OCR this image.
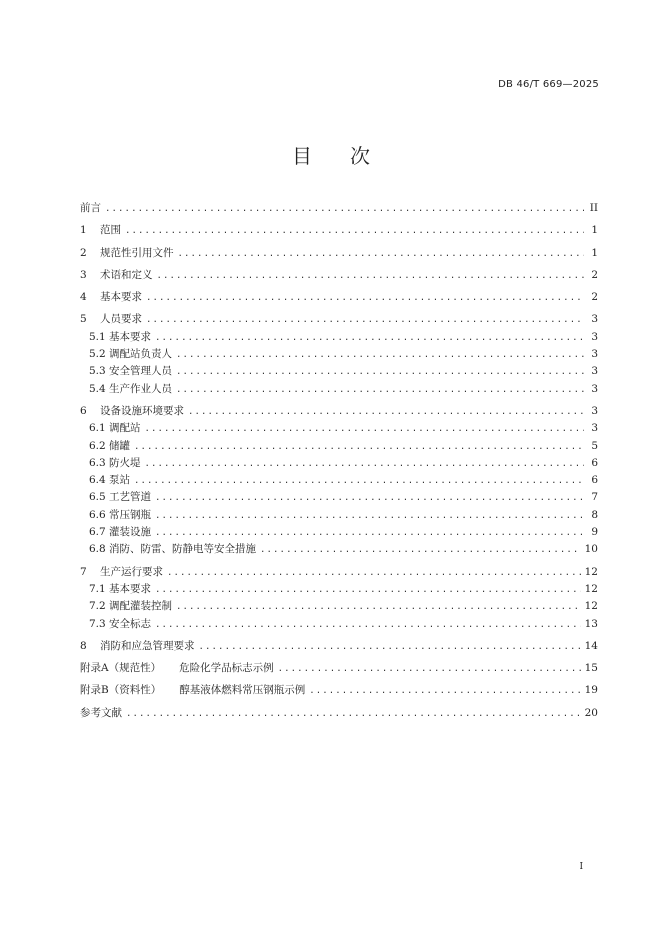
DB 46/T 669—2025
目次
前言 .....	II
1	范围 .....	1
2	规范性引用文件 .....	1
3	术语和定义 .....	2
4	基本要求 .....	2
5	人员要求 .....	3
5.1 基本要求 .....	3
5.2 调配站负责人 .....	3
5.3 安全管理人员 .....	3
5.4 生产作业人员 .....	3
6	设备设施环境要求 .....	3
6.1 调配站 .....	3
6.2 储罐 .....	5
6.3 防火堤 .....	6
6.4 泵站 .....	6
6.5 工艺管道 .....	7
6.6 常压钢瓶 .....	8
6.7 灌装设施 .....	9
6.8 消防、防雷、防静电等安全措施 .....	10
7	生产运行要求 .....	12
7.1 基本要求 .....	12
7.2 调配灌装控制 .....	12
7.3 安全标志 .....	13
8	消防和应急管理要求 .....	14
附录A（规范性） 危险化学品标志示例 .....	15
附录B（资料性） 醇基液体燃料常压钢瓶示例 .....	19
参考文献 .....	20
I
